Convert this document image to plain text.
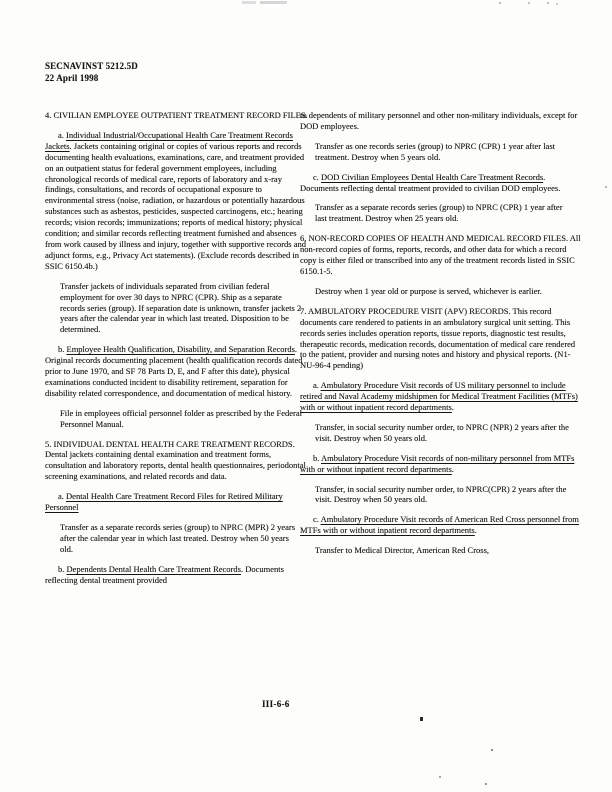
SECNAVINST 5212.5D
22 April 1998
4. CIVILIAN EMPLOYEE OUTPATIENT TREATMENT RECORD FILES.
a. Individual Industrial/Occupational Health Care Treatment Records Jackets. Jackets containing original or copies of various reports and records documenting health evaluations, examinations, care, and treatment provided on an outpatient status for federal government employees, including chronological records of medical care, reports of laboratory and x-ray findings, consultations, and records of occupational exposure to environmental stress (noise, radiation, or hazardous or potentially hazardous substances such as asbestos, pesticides, suspected carcinogens, etc.; hearing records; vision records; immunizations; reports of medical history; physical condition; and similar records reflecting treatment furnished and absences from work caused by illness and injury, together with supportive records and adjunct forms, e.g., Privacy Act statements). (Exclude records described in SSIC 6150.4b.)
Transfer jackets of individuals separated from civilian federal employment for over 30 days to NPRC (CPR). Ship as a separate records series (group). If separation date is unknown, transfer jackets 2 years after the calendar year in which last treated. Disposition to be determined.
b. Employee Health Qualification, Disability, and Separation Records. Original records documenting placement (health qualification records dated prior to June 1970, and SF 78 Parts D, E, and F after this date), physical examinations conducted incident to disability retirement, separation for disability related correspondence, and documentation of medical history.
File in employees official personnel folder as prescribed by the Federal Personnel Manual.
5. INDIVIDUAL DENTAL HEALTH CARE TREATMENT RECORDS. Dental jackets containing dental examination and treatment forms, consultation and laboratory reports, dental health questionnaires, periodontal screening examinations, and related records and data.
a. Dental Health Care Treatment Record Files for Retired Military Personnel
Transfer as a separate records series (group) to NPRC (MPR) 2 years after the calendar year in which last treated. Destroy when 50 years old.
b. Dependents Dental Health Care Treatment Records. Documents reflecting dental treatment provided
to dependents of military personnel and other non-military individuals, except for DOD employees.
Transfer as one records series (group) to NPRC (CPR) 1 year after last treatment. Destroy when 5 years old.
c. DOD Civilian Employees Dental Health Care Treatment Records. Documents reflecting dental treatment provided to civilian DOD employees.
Transfer as a separate records series (group) to NPRC (CPR) 1 year after last treatment. Destroy when 25 years old.
6. NON-RECORD COPIES OF HEALTH AND MEDICAL RECORD FILES. All non-record copies of forms, reports, records, and other data for which a record copy is either filed or transcribed into any of the treatment records listed in SSIC 6150.1-5.
Destroy when 1 year old or purpose is served, whichever is earlier.
7. AMBULATORY PROCEDURE VISIT (APV) RECORDS. This record documents care rendered to patients in an ambulatory surgical unit setting. This records series includes operation reports, tissue reports, diagnostic test results, therapeutic records, medication records, documentation of medical care rendered to the patient, provider and nursing notes and history and physical reports. (N1-NU-96-4 pending)
a. Ambulatory Procedure Visit records of US military personnel to include retired and Naval Academy midshipmen for Medical Treatment Facilities (MTFs) with or without inpatient record departments.
Transfer, in social security number order, to NPRC (NPR) 2 years after the visit. Destroy when 50 years old.
b. Ambulatory Procedure Visit records of non-military personnel from MTFs with or without inpatient record departments.
Transfer, in social security number order, to NPRC(CPR) 2 years after the visit. Destroy when 50 years old.
c. Ambulatory Procedure Visit records of American Red Cross personnel from MTFs with or without inpatient record departments.
Transfer to Medical Director, American Red Cross,
III-6-6
